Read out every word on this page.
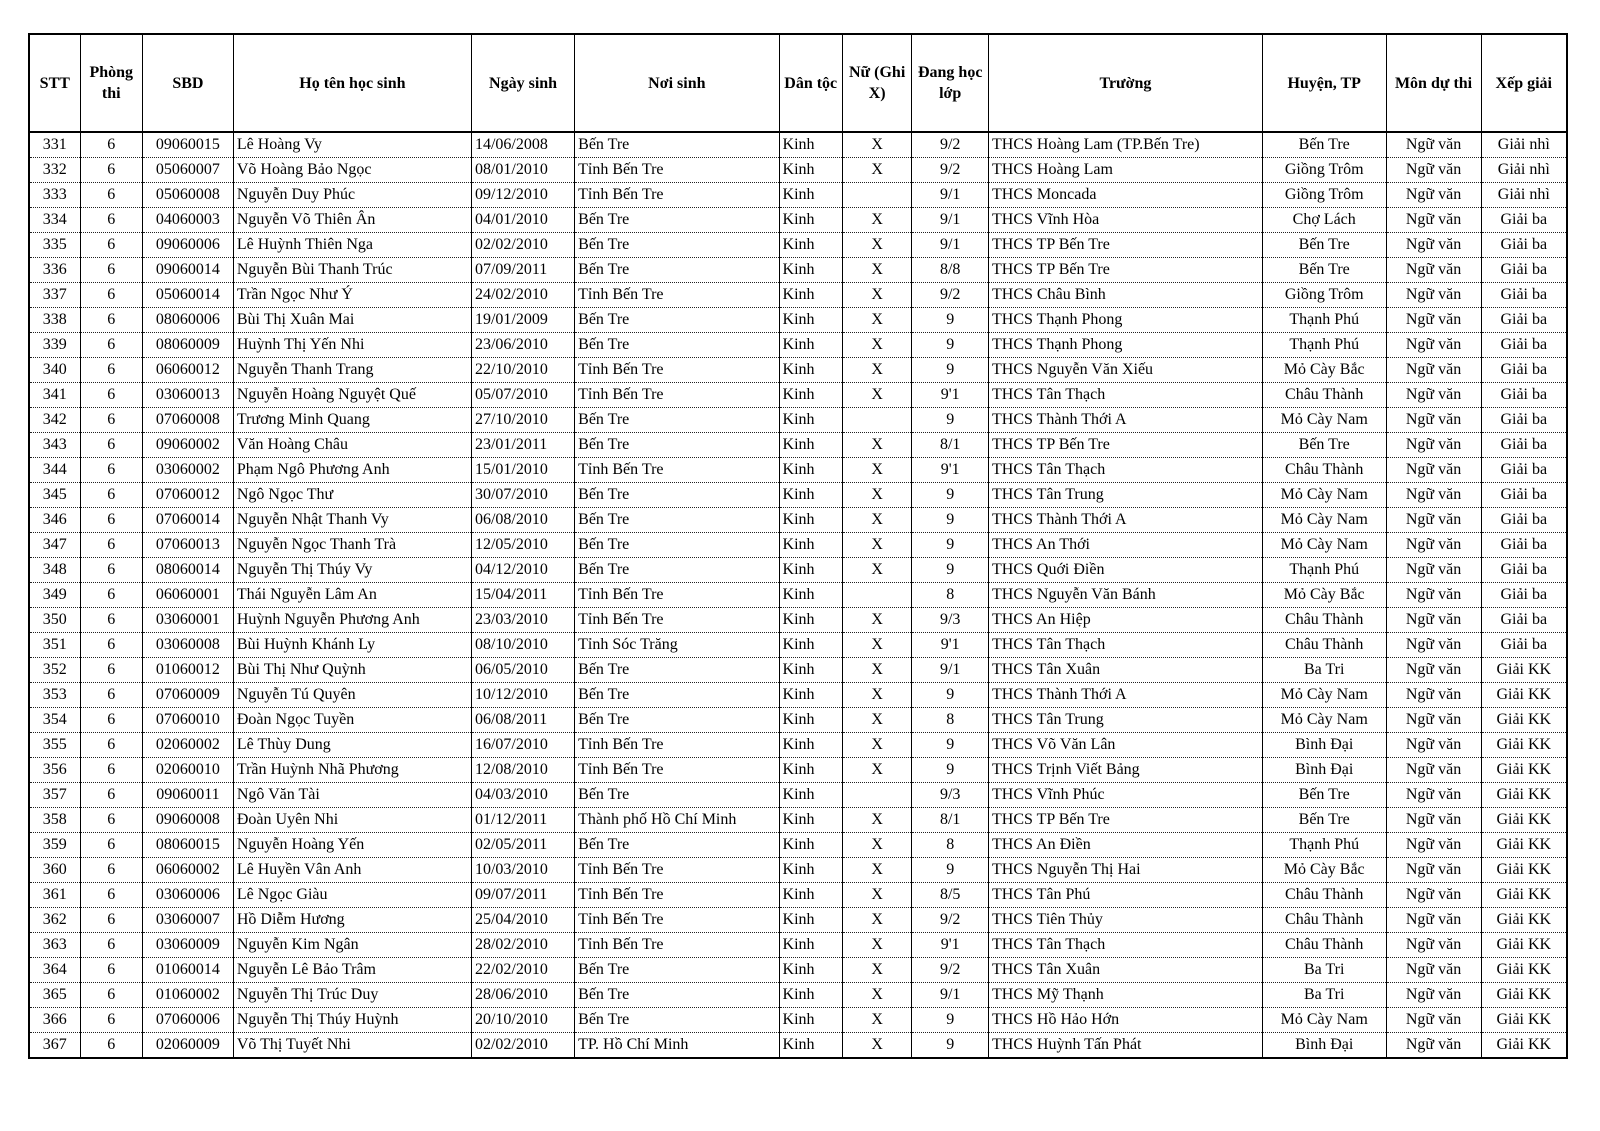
STT	Phòng thi	SBD	Họ tên học sinh	Ngày sinh	Nơi sinh	Dân tộc	Nữ (Ghi X)	Đang học lớp	Trường	Huyện, TP	Môn dự thi	Xếp giải
331	6	09060015	Lê Hoàng Vy	14/06/2008	Bến Tre	Kinh	X	9/2	THCS Hoàng Lam (TP.Bến Tre)	Bến Tre	Ngữ văn	Giải nhì
332	6	05060007	Võ Hoàng Bảo Ngọc	08/01/2010	Tỉnh Bến Tre	Kinh	X	9/2	THCS Hoàng Lam	Giồng Trôm	Ngữ văn	Giải nhì
333	6	05060008	Nguyễn Duy Phúc	09/12/2010	Tỉnh Bến Tre	Kinh		9/1	THCS Moncada	Giồng Trôm	Ngữ văn	Giải nhì
334	6	04060003	Nguyễn Võ Thiên Ân	04/01/2010	Bến Tre	Kinh	X	9/1	THCS Vĩnh Hòa	Chợ Lách	Ngữ văn	Giải ba
335	6	09060006	Lê Huỳnh Thiên Nga	02/02/2010	Bến Tre	Kinh	X	9/1	THCS TP Bến Tre	Bến Tre	Ngữ văn	Giải ba
336	6	09060014	Nguyễn Bùi Thanh Trúc	07/09/2011	Bến Tre	Kinh	X	8/8	THCS TP Bến Tre	Bến Tre	Ngữ văn	Giải ba
337	6	05060014	Trần Ngọc Như Ý	24/02/2010	Tỉnh Bến Tre	Kinh	X	9/2	THCS Châu Bình	Giồng Trôm	Ngữ văn	Giải ba
338	6	08060006	Bùi Thị Xuân Mai	19/01/2009	Bến Tre	Kinh	X	9	THCS Thạnh Phong	Thạnh Phú	Ngữ văn	Giải ba
339	6	08060009	Huỳnh Thị Yến Nhi	23/06/2010	Bến Tre	Kinh	X	9	THCS Thạnh Phong	Thạnh Phú	Ngữ văn	Giải ba
340	6	06060012	Nguyễn Thanh Trang	22/10/2010	Tỉnh Bến Tre	Kinh	X	9	THCS Nguyễn Văn Xiếu	Mỏ Cày Bắc	Ngữ văn	Giải ba
341	6	03060013	Nguyễn Hoàng Nguyệt Quế	05/07/2010	Tỉnh Bến Tre	Kinh	X	9'1	THCS Tân Thạch	Châu Thành	Ngữ văn	Giải ba
342	6	07060008	Trương Minh Quang	27/10/2010	Bến Tre	Kinh		9	THCS Thành Thới A	Mỏ Cày Nam	Ngữ văn	Giải ba
343	6	09060002	Văn Hoàng Châu	23/01/2011	Bến Tre	Kinh	X	8/1	THCS TP Bến Tre	Bến Tre	Ngữ văn	Giải ba
344	6	03060002	Phạm Ngô Phương Anh	15/01/2010	Tỉnh Bến Tre	Kinh	X	9'1	THCS Tân Thạch	Châu Thành	Ngữ văn	Giải ba
345	6	07060012	Ngô Ngọc Thư	30/07/2010	Bến Tre	Kinh	X	9	THCS Tân Trung	Mỏ Cày Nam	Ngữ văn	Giải ba
346	6	07060014	Nguyễn Nhật Thanh Vy	06/08/2010	Bến Tre	Kinh	X	9	THCS Thành Thới A	Mỏ Cày Nam	Ngữ văn	Giải ba
347	6	07060013	Nguyễn Ngọc Thanh Trà	12/05/2010	Bến Tre	Kinh	X	9	THCS An Thới	Mỏ Cày Nam	Ngữ văn	Giải ba
348	6	08060014	Nguyễn Thị Thúy Vy	04/12/2010	Bến Tre	Kinh	X	9	THCS Quới Điền	Thạnh Phú	Ngữ văn	Giải ba
349	6	06060001	Thái Nguyễn Lâm An	15/04/2011	Tỉnh Bến Tre	Kinh		8	THCS Nguyễn Văn Bánh	Mỏ Cày Bắc	Ngữ văn	Giải ba
350	6	03060001	Huỳnh Nguyễn Phương Anh	23/03/2010	Tỉnh Bến Tre	Kinh	X	9/3	THCS An Hiệp	Châu Thành	Ngữ văn	Giải ba
351	6	03060008	Bùi Huỳnh Khánh Ly	08/10/2010	Tỉnh Sóc Trăng	Kinh	X	9'1	THCS Tân Thạch	Châu Thành	Ngữ văn	Giải ba
352	6	01060012	Bùi Thị Như Quỳnh	06/05/2010	Bến Tre	Kinh	X	9/1	THCS Tân Xuân	Ba Tri	Ngữ văn	Giải KK
353	6	07060009	Nguyễn Tú Quyên	10/12/2010	Bến Tre	Kinh	X	9	THCS Thành Thới A	Mỏ Cày Nam	Ngữ văn	Giải KK
354	6	07060010	Đoàn Ngọc Tuyền	06/08/2011	Bến Tre	Kinh	X	8	THCS Tân Trung	Mỏ Cày Nam	Ngữ văn	Giải KK
355	6	02060002	Lê Thùy Dung	16/07/2010	Tỉnh Bến Tre	Kinh	X	9	THCS Võ Văn Lân	Bình Đại	Ngữ văn	Giải KK
356	6	02060010	Trần Huỳnh Nhã Phương	12/08/2010	Tỉnh Bến Tre	Kinh	X	9	THCS Trịnh Viết Bảng	Bình Đại	Ngữ văn	Giải KK
357	6	09060011	Ngô Văn Tài	04/03/2010	Bến Tre	Kinh		9/3	THCS Vĩnh Phúc	Bến Tre	Ngữ văn	Giải KK
358	6	09060008	Đoàn Uyên Nhi	01/12/2011	Thành phố Hồ Chí Minh	Kinh	X	8/1	THCS TP Bến Tre	Bến Tre	Ngữ văn	Giải KK
359	6	08060015	Nguyễn Hoàng Yến	02/05/2011	Bến Tre	Kinh	X	8	THCS An Điền	Thạnh Phú	Ngữ văn	Giải KK
360	6	06060002	Lê Huyền Vân Anh	10/03/2010	Tỉnh Bến Tre	Kinh	X	9	THCS Nguyễn Thị Hai	Mỏ Cày Bắc	Ngữ văn	Giải KK
361	6	03060006	Lê Ngọc Giàu	09/07/2011	Tỉnh Bến Tre	Kinh	X	8/5	THCS Tân Phú	Châu Thành	Ngữ văn	Giải KK
362	6	03060007	Hồ Diễm Hương	25/04/2010	Tỉnh Bến Tre	Kinh	X	9/2	THCS Tiên Thủy	Châu Thành	Ngữ văn	Giải KK
363	6	03060009	Nguyễn Kim Ngân	28/02/2010	Tỉnh Bến Tre	Kinh	X	9'1	THCS Tân Thạch	Châu Thành	Ngữ văn	Giải KK
364	6	01060014	Nguyễn Lê Bảo Trâm	22/02/2010	Bến Tre	Kinh	X	9/2	THCS Tân Xuân	Ba Tri	Ngữ văn	Giải KK
365	6	01060002	Nguyễn Thị Trúc Duy	28/06/2010	Bến Tre	Kinh	X	9/1	THCS Mỹ Thạnh	Ba Tri	Ngữ văn	Giải KK
366	6	07060006	Nguyễn Thị Thúy Huỳnh	20/10/2010	Bến Tre	Kinh	X	9	THCS Hồ Hảo Hớn	Mỏ Cày Nam	Ngữ văn	Giải KK
367	6	02060009	Võ Thị Tuyết Nhi	02/02/2010	TP. Hồ Chí Minh	Kinh	X	9	THCS Huỳnh Tấn Phát	Bình Đại	Ngữ văn	Giải KK
